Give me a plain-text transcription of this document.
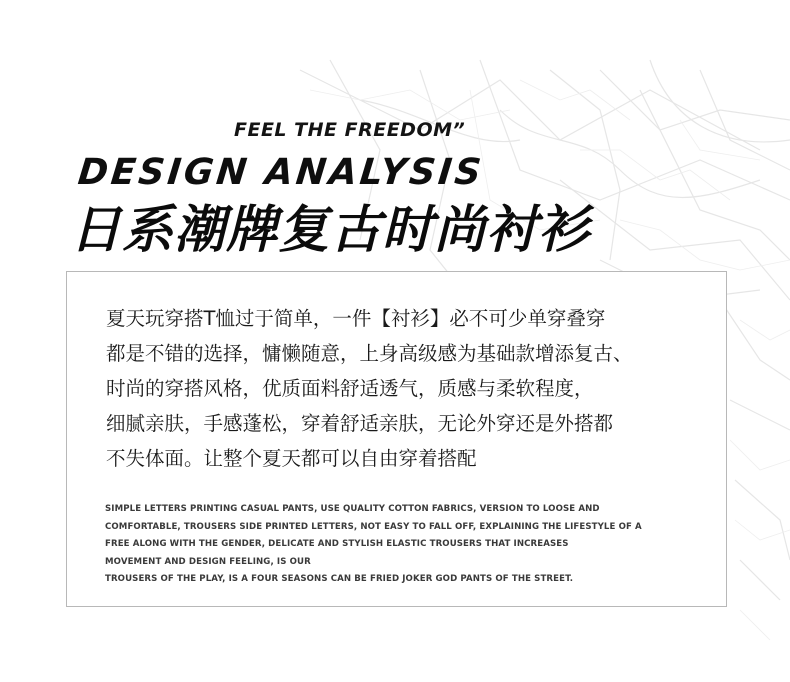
FEEL THE FREEDOM”
DESIGN ANALYSIS
日系潮牌复古时尚衬衫

夏天玩穿搭T恤过于简单，一件【衬衫】必不可少单穿叠穿

都是不错的选择，慵懒随意，上身高级感为基础款增添复古、

时尚的穿搭风格，优质面料舒适透气，质感与柔软程度，

细腻亲肤，手感蓬松，穿着舒适亲肤，无论外穿还是外搭都

不失体面。让整个夏天都可以自由穿着搭配

SIMPLE LETTERS PRINTING CASUAL PANTS, USE QUALITY COTTON FABRICS, VERSION TO LOOSE AND

COMFORTABLE, TROUSERS SIDE PRINTED LETTERS, NOT EASY TO FALL OFF, EXPLAINING THE LIFESTYLE OF A

FREE ALONG WITH THE GENDER, DELICATE AND STYLISH ELASTIC TROUSERS THAT INCREASES

MOVEMENT AND DESIGN FEELING, IS OUR

TROUSERS OF THE PLAY, IS A FOUR SEASONS CAN BE FRIED JOKER GOD PANTS OF THE STREET.
